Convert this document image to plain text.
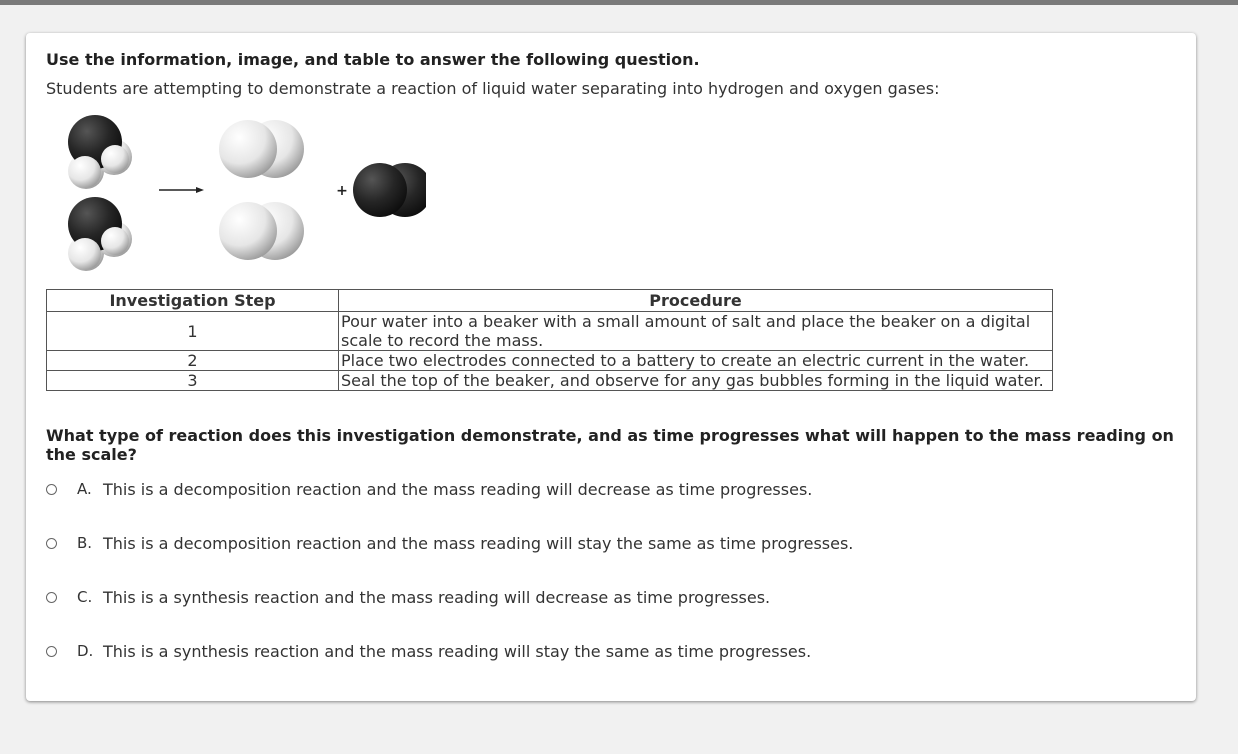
Use the information, image, and table to answer the following question.

Students are attempting to demonstrate a reaction of liquid water separating into hydrogen and oxygen gases:

+
Investigation Step	Procedure
1	Pour water into a beaker with a small amount of salt and place the beaker on a digital scale to record the mass.
2	Place two electrodes connected to a battery to create an electric current in the water.
3	Seal the top of the beaker, and observe for any gas bubbles forming in the liquid water.

What type of reaction does this investigation demonstrate, and as time progresses what will happen to the mass reading on the scale?

A. This is a decomposition reaction and the mass reading will decrease as time progresses.
B. This is a decomposition reaction and the mass reading will stay the same as time progresses.
C. This is a synthesis reaction and the mass reading will decrease as time progresses.
D. This is a synthesis reaction and the mass reading will stay the same as time progresses.
